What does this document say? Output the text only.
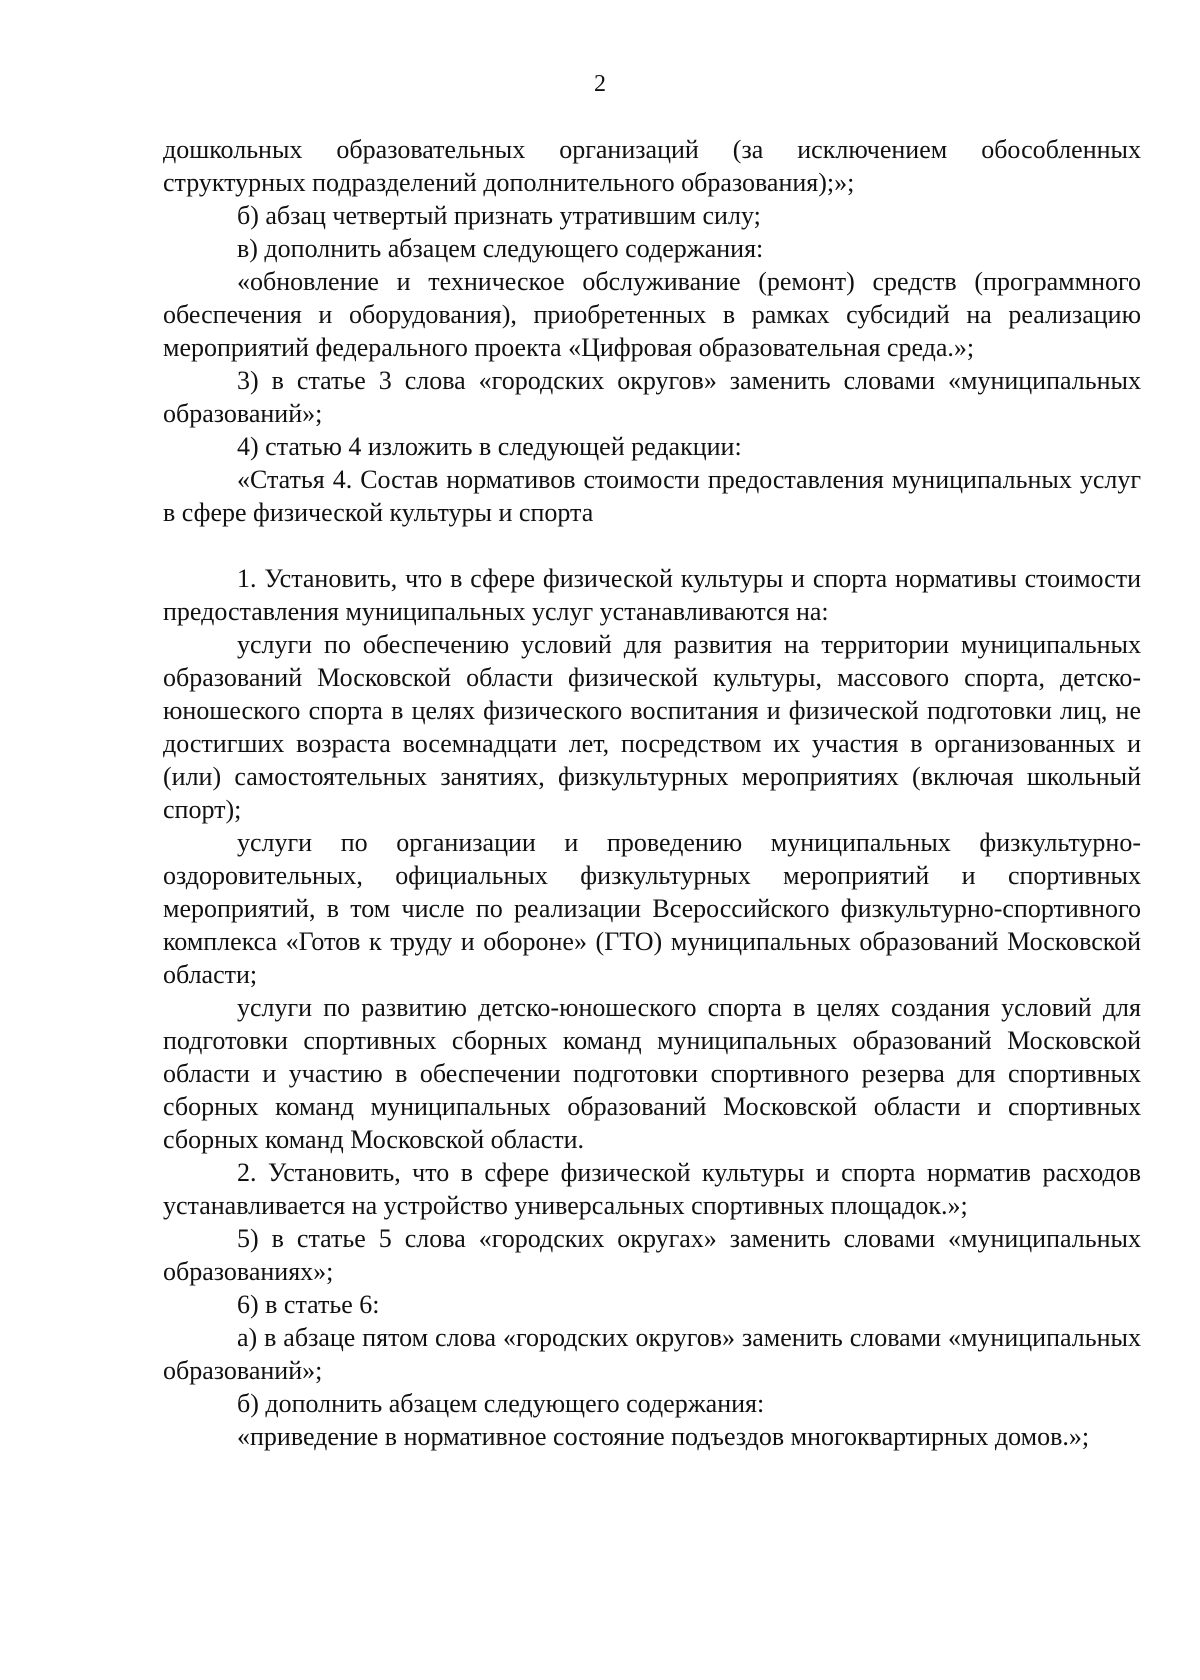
2

дошкольных образовательных организаций (за исключением обособленных структурных подразделений дополнительного образования);»;

б) абзац четвертый признать утратившим силу;

в) дополнить абзацем следующего содержания:

«обновление и техническое обслуживание (ремонт) средств (программного обеспечения и оборудования), приобретенных в рамках субсидий на реализацию мероприятий федерального проекта «Цифровая образовательная среда.»;

3) в статье 3 слова «городских округов» заменить словами «муниципальных образований»;

4) статью 4 изложить в следующей редакции:

«Статья 4. Состав нормативов стоимости предоставления муниципальных услуг в сфере физической культуры и спорта

1. Установить, что в сфере физической культуры и спорта нормативы стоимости предоставления муниципальных услуг устанавливаются на:

услуги по обеспечению условий для развития на территории муниципальных образований Московской области физической культуры, массового спорта, детско-юношеского спорта в целях физического воспитания и физической подготовки лиц, не достигших возраста восемнадцати лет, посредством их участия в организованных и (или) самостоятельных занятиях, физкультурных мероприятиях (включая школьный спорт);

услуги по организации и проведению муниципальных физкультурно-оздоровительных, официальных физкультурных мероприятий и спортивных мероприятий, в том числе по реализации Всероссийского физкультурно-спортивного комплекса «Готов к труду и обороне» (ГТО) муниципальных образований Московской области;

услуги по развитию детско-юношеского спорта в целях создания условий для подготовки спортивных сборных команд муниципальных образований Московской области и участию в обеспечении подготовки спортивного резерва для спортивных сборных команд муниципальных образований Московской области и спортивных сборных команд Московской области.

2. Установить, что в сфере физической культуры и спорта норматив расходов устанавливается на устройство универсальных спортивных площадок.»;

5) в статье 5 слова «городских округах» заменить словами «муниципальных образованиях»;

6) в статье 6:

а) в абзаце пятом слова «городских округов» заменить словами «муниципальных образований»;

б) дополнить абзацем следующего содержания:

«приведение в нормативное состояние подъездов многоквартирных домов.»;
